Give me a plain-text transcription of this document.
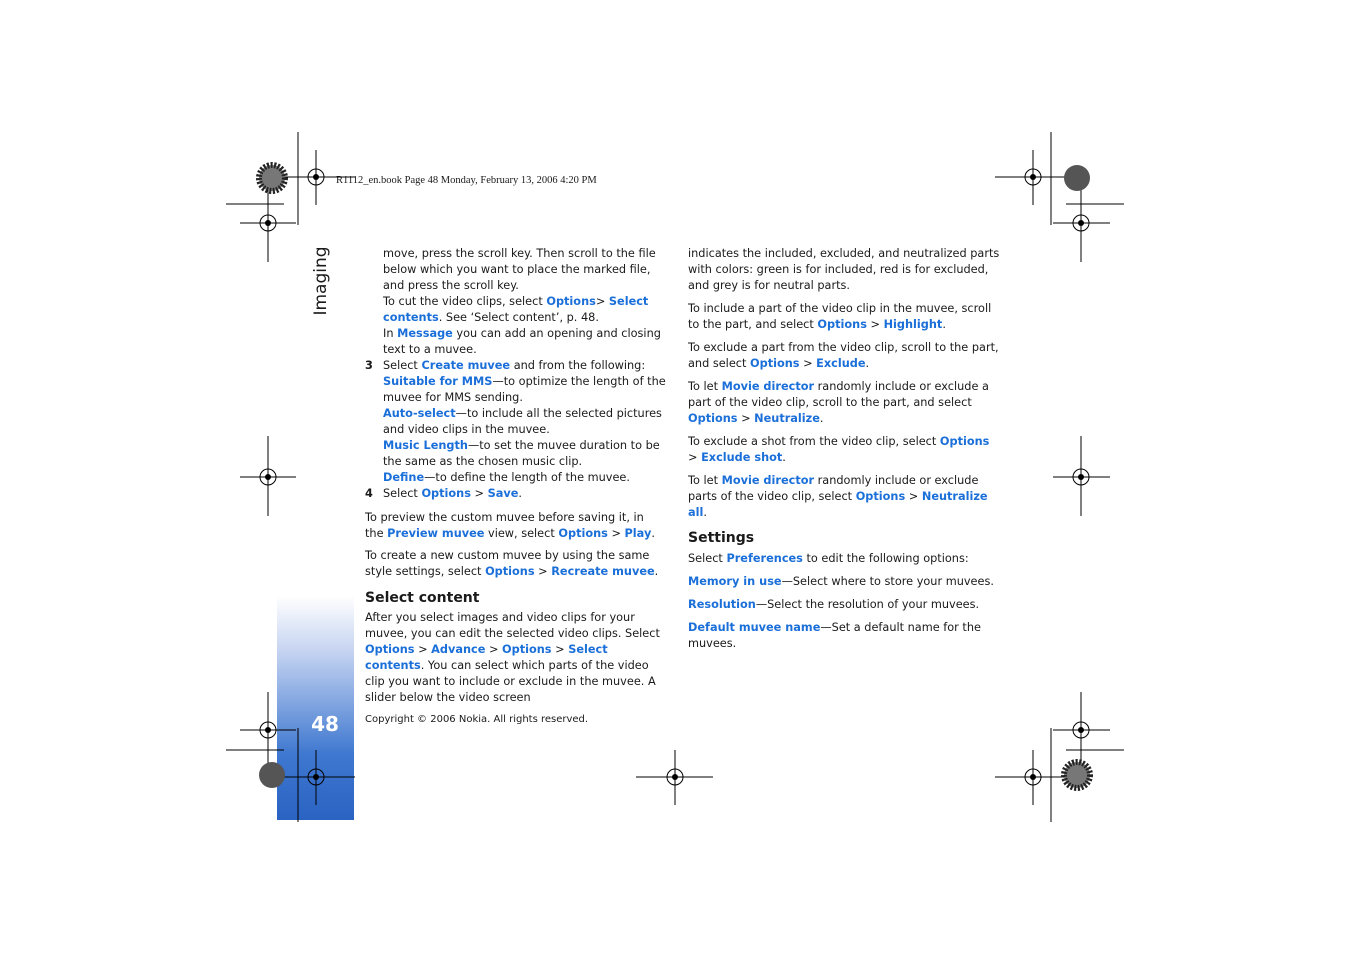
Imaging
48
R1112_en.book Page 48 Monday, February 13, 2006 4:20 PM

move, press the scroll key. Then scroll to the file below which you want to place the marked file, and press the scroll key.

To cut the video clips, select Options> Select contents. See ‘Select content’, p. 48.

In Message you can add an opening and closing text to a muvee.

3 Select Create muvee and from the following:

Suitable for MMS—to optimize the length of the muvee for MMS sending.

Auto-select—to include all the selected pictures and video clips in the muvee.

Music Length—to set the muvee duration to be the same as the chosen music clip.

Define—to define the length of the muvee.

4 Select Options > Save.

To preview the custom muvee before saving it, in the Preview muvee view, select Options > Play.

To create a new custom muvee by using the same style settings, select Options > Recreate muvee.

Select content

After you select images and video clips for your muvee, you can edit the selected video clips. Select Options > Advance > Options > Select contents. You can select which parts of the video clip you want to include or exclude in the muvee. A slider below the video screen

indicates the included, excluded, and neutralized parts with colors: green is for included, red is for excluded, and grey is for neutral parts.

To include a part of the video clip in the muvee, scroll to the part, and select Options > Highlight.

To exclude a part from the video clip, scroll to the part, and select Options > Exclude.

To let Movie director randomly include or exclude a part of the video clip, scroll to the part, and select Options > Neutralize.

To exclude a shot from the video clip, select Options > Exclude shot.

To let Movie director randomly include or exclude parts of the video clip, select Options > Neutralize all.

Settings

Select Preferences to edit the following options:

Memory in use—Select where to store your muvees.

Resolution—Select the resolution of your muvees.

Default muvee name—Set a default name for the muvees.

Copyright © 2006 Nokia. All rights reserved.
